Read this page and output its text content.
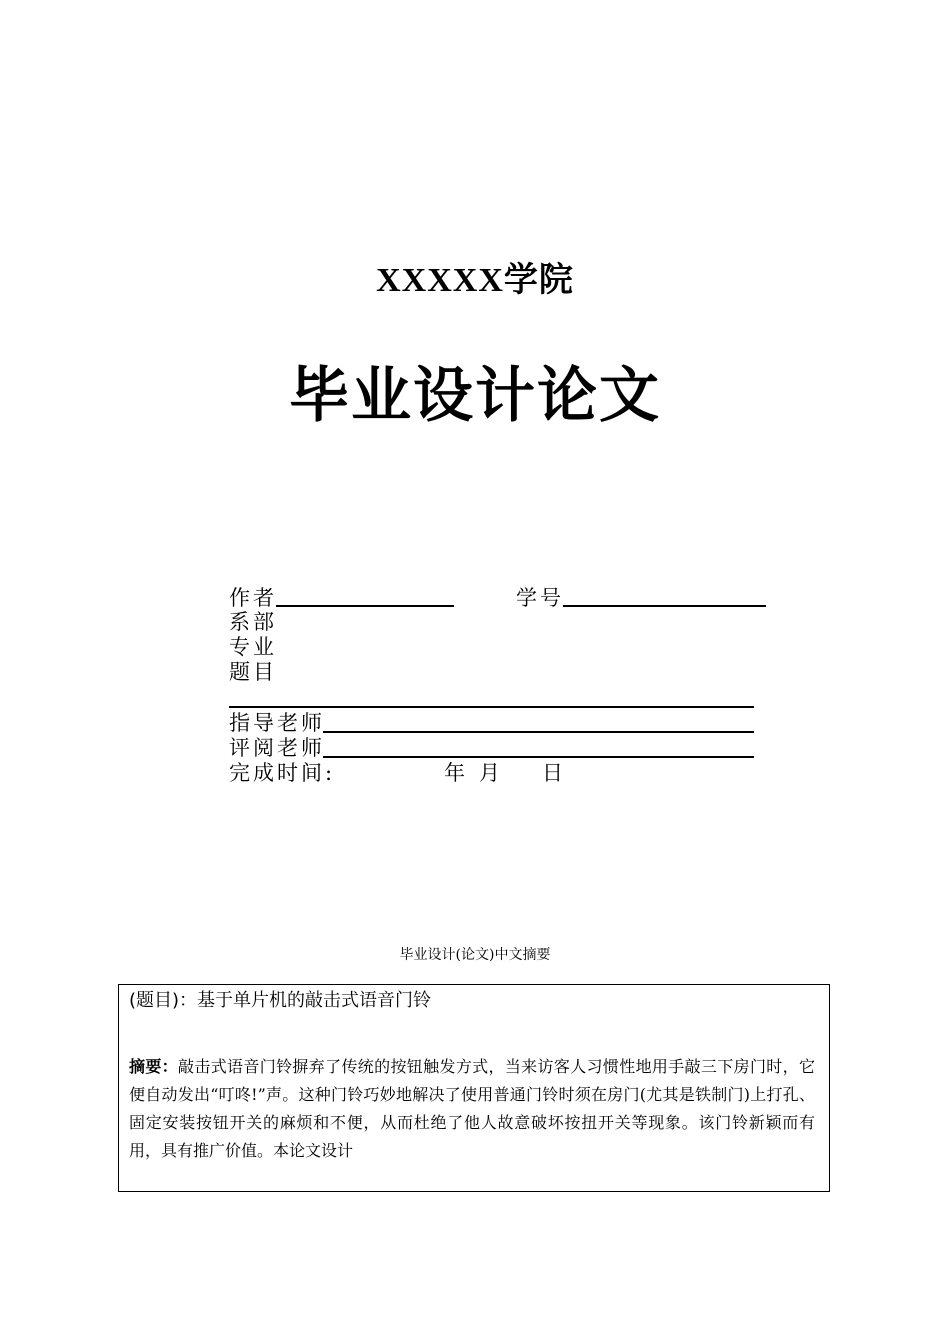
XXXXX学院
毕业设计论文
作者	学号
系部
专业
题目
指导老师
评阅老师
完成时间:	年 月 日
毕业设计(论文)中文摘要
(题目)：基于单片机的敲击式语音门铃
摘要：敲击式语音门铃摒弃了传统的按钮触发方式，当来访客人习惯性地用手敲三下房门时，它便自动发出“叮咚!”声。这种门铃巧妙地解决了使用普通门铃时须在房门(尤其是铁制门)上打孔、固定安装按钮开关的麻烦和不便，从而杜绝了他人故意破坏按扭开关等现象。该门铃新颖而有用，具有推广价值。本论文设计
